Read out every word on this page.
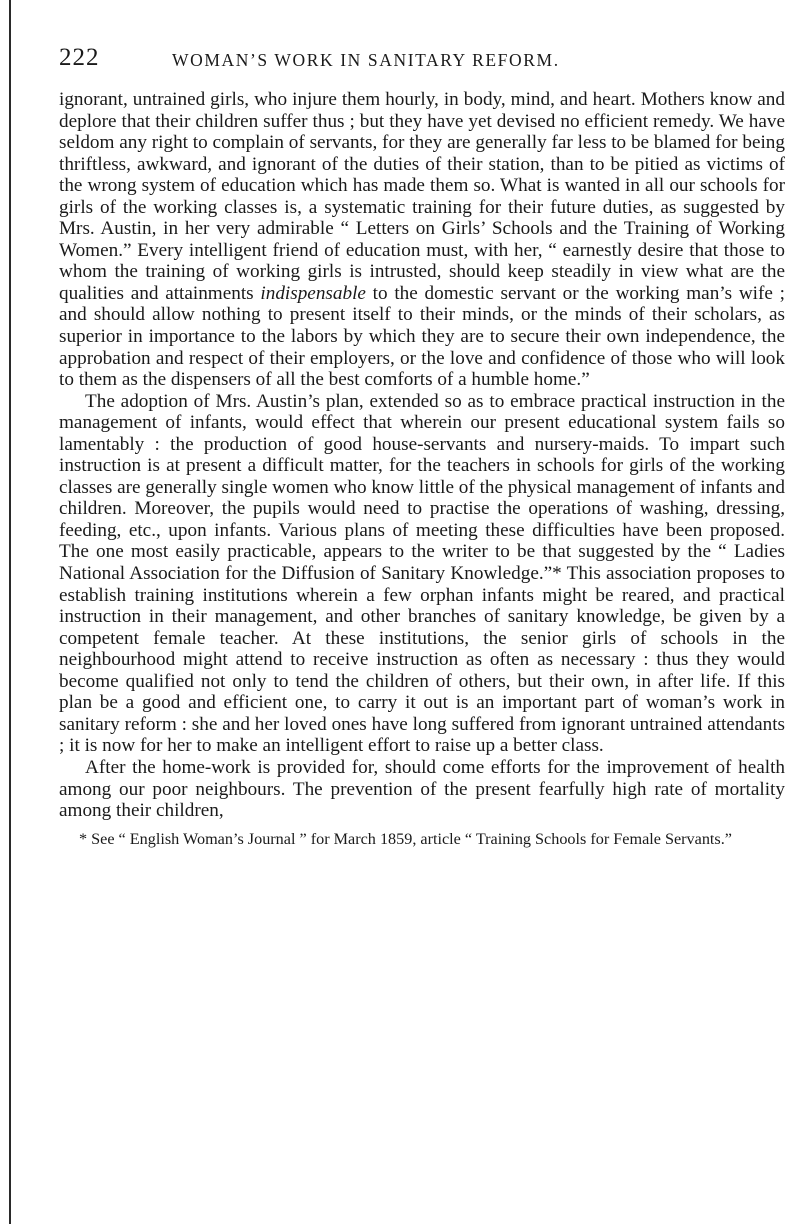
222	WOMAN’S WORK IN SANITARY REFORM.

ignorant, untrained girls, who injure them hourly, in body, mind, and heart. Mothers know and deplore that their children suffer thus ; but they have yet devised no efficient remedy. We have seldom any right to complain of servants, for they are generally far less to be blamed for being thriftless, awkward, and ignorant of the duties of their station, than to be pitied as victims of the wrong system of education which has made them so. What is wanted in all our schools for girls of the working classes is, a systematic training for their future duties, as suggested by Mrs. Austin, in her very admirable “ Letters on Girls’ Schools and the Training of Working Women.” Every intelligent friend of education must, with her, “ earnestly desire that those to whom the training of working girls is intrusted, should keep steadily in view what are the qualities and attainments indispensable to the domestic servant or the working man’s wife ; and should allow nothing to present itself to their minds, or the minds of their scholars, as superior in importance to the labors by which they are to secure their own independence, the approbation and respect of their employers, or the love and confidence of those who will look to them as the dispensers of all the best comforts of a humble home.”

The adoption of Mrs. Austin’s plan, extended so as to embrace practical instruction in the management of infants, would effect that wherein our present educational system fails so lamentably : the production of good house-servants and nursery-maids. To impart such instruction is at present a difficult matter, for the teachers in schools for girls of the working classes are generally single women who know little of the physical management of infants and children. Moreover, the pupils would need to practise the operations of washing, dressing, feeding, etc., upon infants. Various plans of meeting these difficulties have been proposed. The one most easily practicable, appears to the writer to be that suggested by the “ Ladies National Association for the Diffusion of Sanitary Knowledge.”* This association proposes to establish training institutions wherein a few orphan infants might be reared, and practical instruction in their management, and other branches of sanitary knowledge, be given by a competent female teacher. At these institutions, the senior girls of schools in the neighbourhood might attend to receive instruction as often as necessary : thus they would become qualified not only to tend the children of others, but their own, in after life. If this plan be a good and efficient one, to carry it out is an important part of woman’s work in sanitary reform : she and her loved ones have long suffered from ignorant untrained attendants ; it is now for her to make an intelligent effort to raise up a better class.

After the home-work is provided for, should come efforts for the improvement of health among our poor neighbours. The prevention of the present fearfully high rate of mortality among their children,

* See “ English Woman’s Journal ” for March 1859, article “ Training Schools for Female Servants.”
